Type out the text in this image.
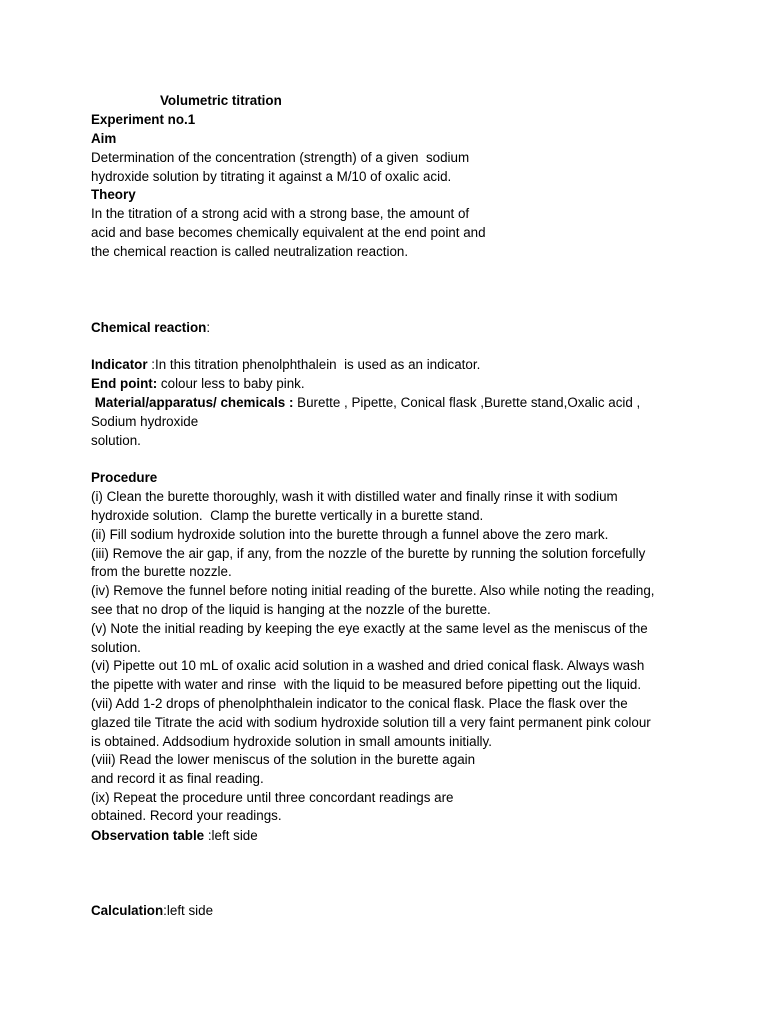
Volumetric titration
Experiment no.1
Aim
Determination of the concentration (strength) of a given  sodium
hydroxide solution by titrating it against a M/10 of oxalic acid.
Theory
In the titration of a strong acid with a strong base, the amount of
acid and base becomes chemically equivalent at the end point and
the chemical reaction is called neutralization reaction.
Chemical reaction:
Indicator :In this titration phenolphthalein  is used as an indicator.
End point: colour less to baby pink.
Material/apparatus/ chemicals : Burette , Pipette, Conical flask ,Burette stand,Oxalic acid ,
Sodium hydroxide
solution.
Procedure
(i) Clean the burette thoroughly, wash it with distilled water and finally rinse it with sodium
hydroxide solution.  Clamp the burette vertically in a burette stand.
(ii) Fill sodium hydroxide solution into the burette through a funnel above the zero mark.
(iii) Remove the air gap, if any, from the nozzle of the burette by running the solution forcefully
from the burette nozzle.
(iv) Remove the funnel before noting initial reading of the burette. Also while noting the reading,
see that no drop of the liquid is hanging at the nozzle of the burette.
(v) Note the initial reading by keeping the eye exactly at the same level as the meniscus of the
solution.
(vi) Pipette out 10 mL of oxalic acid solution in a washed and dried conical flask. Always wash
the pipette with water and rinse  with the liquid to be measured before pipetting out the liquid.
(vii) Add 1-2 drops of phenolphthalein indicator to the conical flask. Place the flask over the
glazed tile Titrate the acid with sodium hydroxide solution till a very faint permanent pink colour
is obtained. Addsodium hydroxide solution in small amounts initially.
(viii) Read the lower meniscus of the solution in the burette again
and record it as final reading.
(ix) Repeat the procedure until three concordant readings are
obtained. Record your readings.
Observation table :left side
Calculation:left side
